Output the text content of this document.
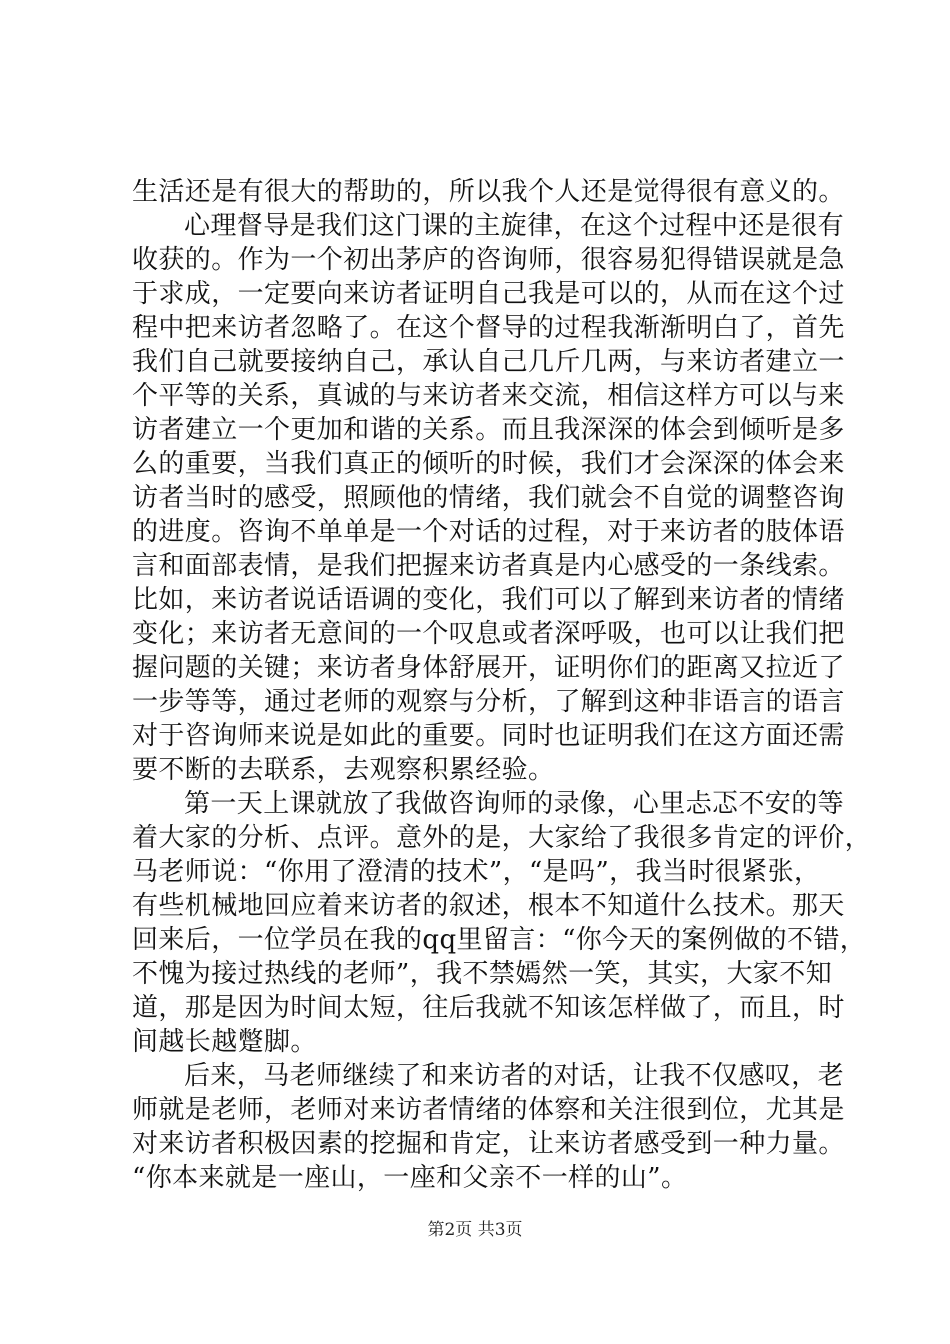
生活还是有很大的帮助的，所以我个人还是觉得很有意义的。
心理督导是我们这门课的主旋律，在这个过程中还是很有
收获的。作为一个初出茅庐的咨询师，很容易犯得错误就是急
于求成，一定要向来访者证明自己我是可以的，从而在这个过
程中把来访者忽略了。在这个督导的过程我渐渐明白了，首先
我们自己就要接纳自己，承认自己几斤几两，与来访者建立一
个平等的关系，真诚的与来访者来交流，相信这样方可以与来
访者建立一个更加和谐的关系。而且我深深的体会到倾听是多
么的重要，当我们真正的倾听的时候，我们才会深深的体会来
访者当时的感受，照顾他的情绪，我们就会不自觉的调整咨询
的进度。咨询不单单是一个对话的过程，对于来访者的肢体语
言和面部表情，是我们把握来访者真是内心感受的一条线索。
比如，来访者说话语调的变化，我们可以了解到来访者的情绪
变化；来访者无意间的一个叹息或者深呼吸，也可以让我们把
握问题的关键；来访者身体舒展开，证明你们的距离又拉近了
一步等等，通过老师的观察与分析，了解到这种非语言的语言
对于咨询师来说是如此的重要。同时也证明我们在这方面还需
要不断的去联系，去观察积累经验。
第一天上课就放了我做咨询师的录像，心里忐忑不安的等
着大家的分析、点评。意外的是，大家给了我很多肯定的评价，
马老师说：“你用了澄清的技术”，“是吗”，我当时很紧张，
有些机械地回应着来访者的叙述，根本不知道什么技术。那天
回来后，一位学员在我的qq里留言：“你今天的案例做的不错，
不愧为接过热线的老师”，我不禁嫣然一笑，其实，大家不知
道，那是因为时间太短，往后我就不知该怎样做了，而且，时
间越长越蹩脚。
后来，马老师继续了和来访者的对话，让我不仅感叹，老
师就是老师，老师对来访者情绪的体察和关注很到位，尤其是
对来访者积极因素的挖掘和肯定，让来访者感受到一种力量。
“你本来就是一座山，一座和父亲不一样的山”。
第2页 共3页
